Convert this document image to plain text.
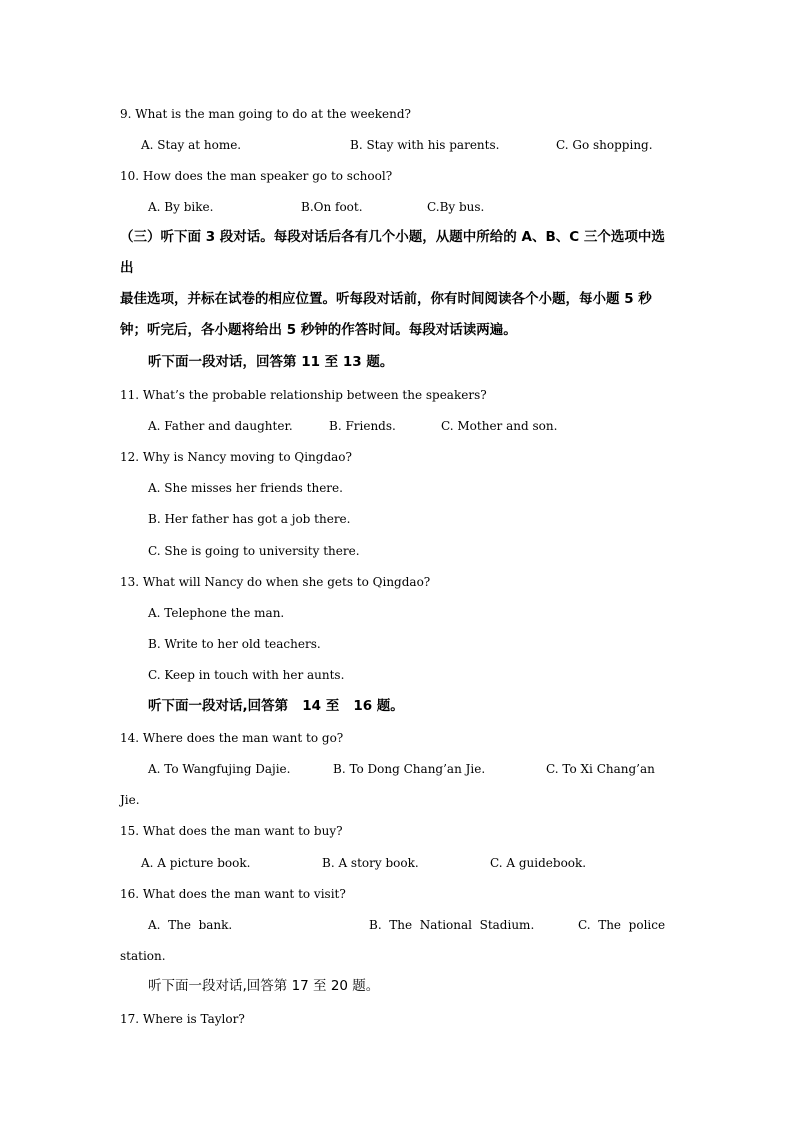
9. What is the man going to do at the weekend?
A. Stay at home.	B. Stay with his parents.	C. Go shopping.
10. How does the man speaker go to school?
A. By bike.	B.On foot.	C.By bus.
（三）听下面 3 段对话。每段对话后各有几个小题，从题中所给的 A、B、C 三个选项中选
出
最佳选项，并标在试卷的相应位置。听每段对话前，你有时间阅读各个小题，每小题 5 秒
钟；听完后，各小题将给出 5 秒钟的作答时间。每段对话读两遍。
听下面一段对话，回答第 11 至 13 题。
11. What’s the probable relationship between the speakers?
A. Father and daughter.	B. Friends.	C. Mother and son.
12. Why is Nancy moving to Qingdao?
A. She misses her friends there.
B. Her father has got a job there.
C. She is going to university there.
13. What will Nancy do when she gets to Qingdao?
A. Telephone the man.
B. Write to her old teachers.
C. Keep in touch with her aunts.
听下面一段对话,回答第   14 至   16 题。
14. Where does the man want to go?
A. To Wangfujing Dajie.	B. To Dong Chang’an Jie.	C. To Xi Chang’an
Jie.
15. What does the man want to buy?
A. A picture book.	B. A story book.	C. A guidebook.
16. What does the man want to visit?
A.  The  bank.	B.  The  National  Stadium.	C.  The  police
station.
听下面一段对话,回答第 17 至 20 题。
17. Where is Taylor?
